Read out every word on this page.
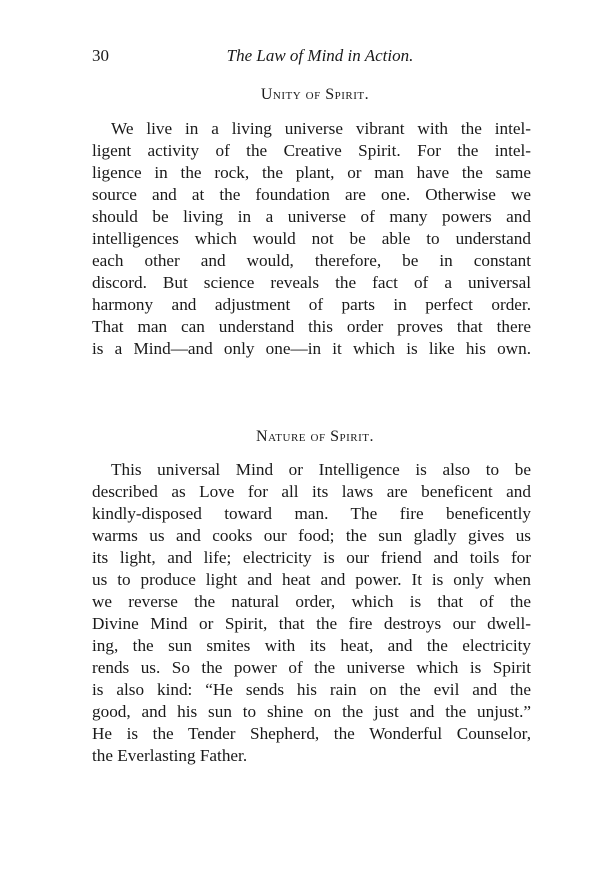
30	The Law of Mind in Action.
Unity of Spirit.
We live in a living universe vibrant with the intel-
ligent activity of the Creative Spirit. For the intel-
ligence in the rock, the plant, or man have the same
source and at the foundation are one. Otherwise we
should be living in a universe of many powers and
intelligences which would not be able to understand
each other and would, therefore, be in constant
discord. But science reveals the fact of a universal
harmony and adjustment of parts in perfect order.
That man can understand this order proves that there
is a Mind—and only one—in it which is like his own.
Nature of Spirit.
This universal Mind or Intelligence is also to be
described as Love for all its laws are beneficent and
kindly-disposed toward man. The fire beneficently
warms us and cooks our food; the sun gladly gives us
its light, and life; electricity is our friend and toils for
us to produce light and heat and power. It is only when
we reverse the natural order, which is that of the
Divine Mind or Spirit, that the fire destroys our dwell-
ing, the sun smites with its heat, and the electricity
rends us. So the power of the universe which is Spirit
is also kind: “He sends his rain on the evil and the
good, and his sun to shine on the just and the unjust.”
He is the Tender Shepherd, the Wonderful Counselor,
the Everlasting Father.
